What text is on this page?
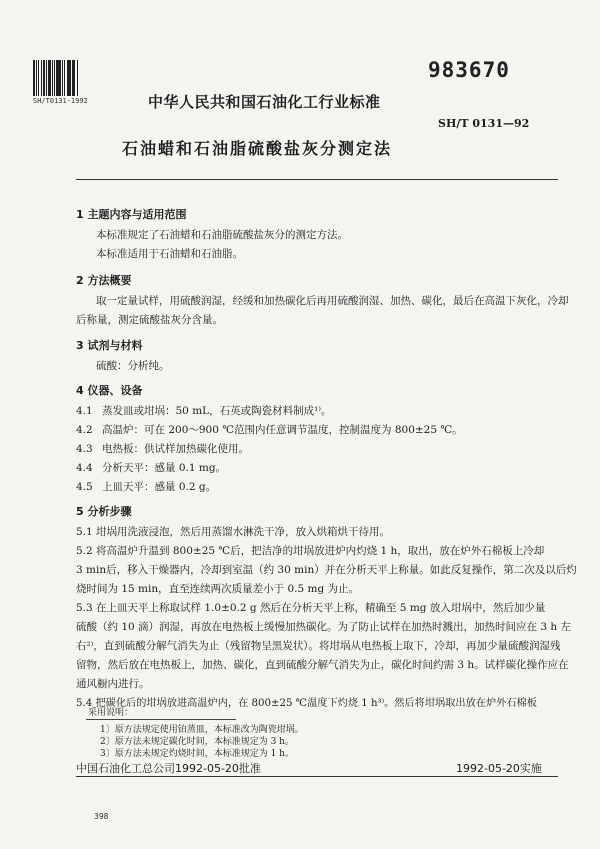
SH/T0131-1992
983670
中华人民共和国石油化工行业标准
SH/T 0131—92
石油蜡和石油脂硫酸盐灰分测定法
1 主题内容与适用范围
本标准规定了石油蜡和石油脂硫酸盐灰分的测定方法。
本标准适用于石油蜡和石油脂。
2 方法概要
取一定量试样，用硫酸润湿，经缓和加热碳化后再用硫酸润湿、加热、碳化，最后在高温下灰化，冷却
后称量，测定硫酸盐灰分含量。
3 试剂与材料
硫酸：分析纯。
4 仪器、设备
4.1 蒸发皿或坩埚：50 mL，石英或陶瓷材料制成¹⁾。
4.2 高温炉：可在 200～900 ℃范围内任意调节温度，控制温度为 800±25 ℃。
4.3 电热板：供试样加热碳化使用。
4.4 分析天平：感量 0.1 mg。
4.5 上皿天平：感量 0.2 g。
5 分析步骤
5.1 坩埚用洗液浸泡，然后用蒸馏水淋洗干净，放入烘箱烘干待用。
5.2 将高温炉升温到 800±25 ℃后，把洁净的坩埚放进炉内灼烧 1 h，取出，放在炉外石棉板上冷却
3 min后，移入干燥器内，冷却到室温（约 30 min）并在分析天平上称量。如此反复操作，第二次及以后灼
烧时间为 15 min，直至连续两次质量差小于 0.5 mg 为止。
5.3 在上皿天平上称取试样 1.0±0.2 g 然后在分析天平上称，精确至 5 mg 放入坩埚中，然后加少量
硫酸（约 10 滴）润湿，再放在电热板上缓慢加热碳化。为了防止试样在加热时溅出，加热时间应在 3 h 左
右²⁾，直到硫酸分解气消失为止（残留物呈黑炭状）。将坩埚从电热板上取下，冷却，再加少量硫酸润湿残
留物，然后放在电热板上，加热、碳化，直到硫酸分解气消失为止，碳化时间约需 3 h。试样碳化操作应在
通风橱内进行。
5.4 把碳化后的坩埚放进高温炉内，在 800±25 ℃温度下灼烧 1 h³⁾。然后将坩埚取出放在炉外石棉板
采用说明：
1〕原方法规定使用铂蒸皿，本标准改为陶瓷坩埚。
中国石油化工总公司1992-05-20批准	1992-05-20实施
398
2〕原方法未规定碳化时间，本标准规定为 3 h。
3〕原方法未规定灼烧时间，本标准规定为 1 h。
